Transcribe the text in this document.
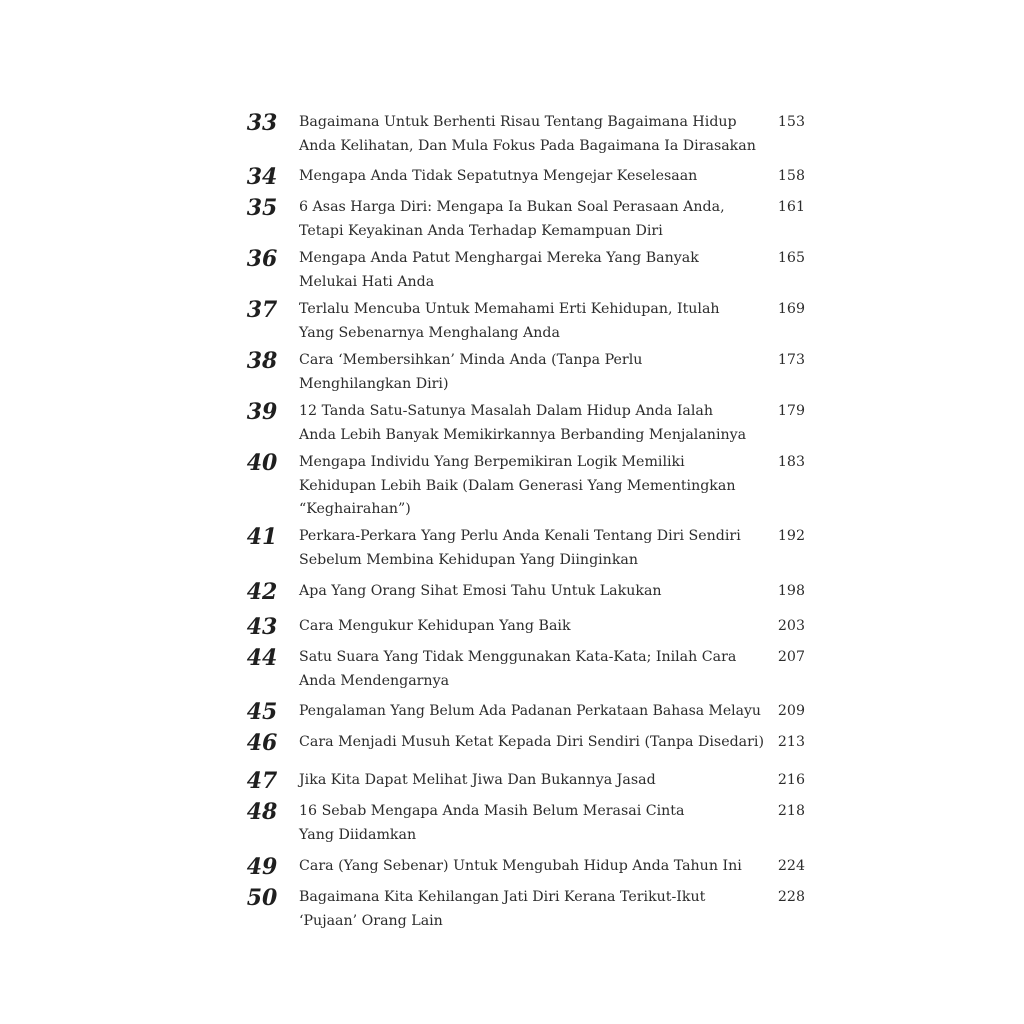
33	Bagaimana Untuk Berhenti Risau Tentang Bagaimana Hidup
Anda Kelihatan, Dan Mula Fokus Pada Bagaimana Ia Dirasakan
153
34	Mengapa Anda Tidak Sepatutnya Mengejar Keselesaan	158
35	6 Asas Harga Diri: Mengapa Ia Bukan Soal Perasaan Anda,
Tetapi Keyakinan Anda Terhadap Kemampuan Diri
161
36	Mengapa Anda Patut Menghargai Mereka Yang Banyak
Melukai Hati Anda
165
37	Terlalu Mencuba Untuk Memahami Erti Kehidupan, Itulah
Yang Sebenarnya Menghalang Anda
169
38	Cara ‘Membersihkan’ Minda Anda (Tanpa Perlu
Menghilangkan Diri)
173
39	12 Tanda Satu-Satunya Masalah Dalam Hidup Anda Ialah
Anda Lebih Banyak Memikirkannya Berbanding Menjalaninya
179
40	Mengapa Individu Yang Berpemikiran Logik Memiliki
Kehidupan Lebih Baik (Dalam Generasi Yang Mementingkan
“Keghairahan”)
183
41	Perkara-Perkara Yang Perlu Anda Kenali Tentang Diri Sendiri
Sebelum Membina Kehidupan Yang Diinginkan
192
42	Apa Yang Orang Sihat Emosi Tahu Untuk Lakukan	198
43	Cara Mengukur Kehidupan Yang Baik	203
44	Satu Suara Yang Tidak Menggunakan Kata-Kata; Inilah Cara
Anda Mendengarnya
207
45	Pengalaman Yang Belum Ada Padanan Perkataan Bahasa Melayu	209
46	Cara Menjadi Musuh Ketat Kepada Diri Sendiri (Tanpa Disedari) 213
47	Jika Kita Dapat Melihat Jiwa Dan Bukannya Jasad	216
48	16 Sebab Mengapa Anda Masih Belum Merasai Cinta
Yang Diidamkan
218
49	Cara (Yang Sebenar) Untuk Mengubah Hidup Anda Tahun Ini	224
50	Bagaimana Kita Kehilangan Jati Diri Kerana Terikut-Ikut
‘Pujaan’ Orang Lain
228
